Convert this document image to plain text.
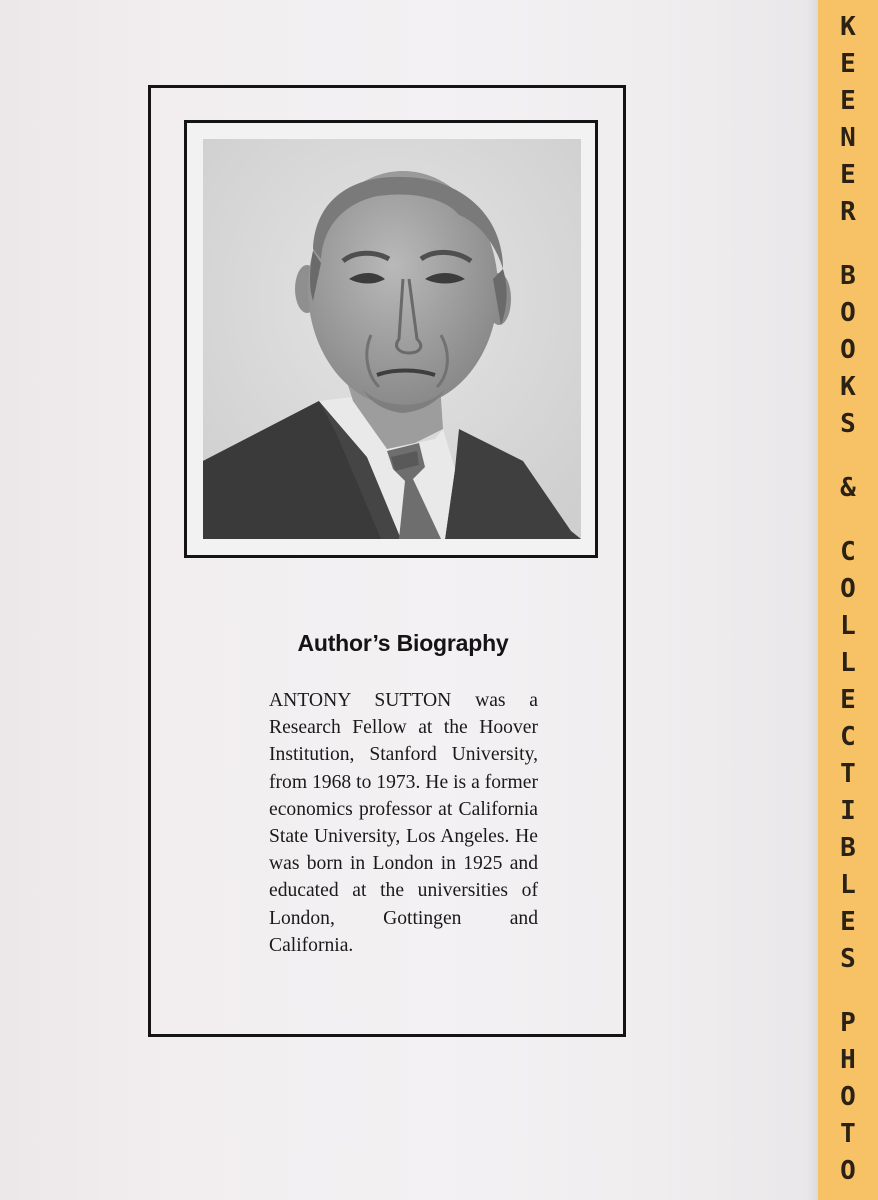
Author’s Biography
ANTONY SUTTON was a Research Fellow at the Hoover Institution, Stanford University, from 1968 to 1973. He is a former economics professor at California State University, Los Angeles. He was born in London in 1925 and educated at the universities of London, Gottingen and California.
K
E
E
N
E
R
B
O
O
K
S
&
C
O
L
L
E
C
T
I
B
L
E
S
P
H
O
T
O
